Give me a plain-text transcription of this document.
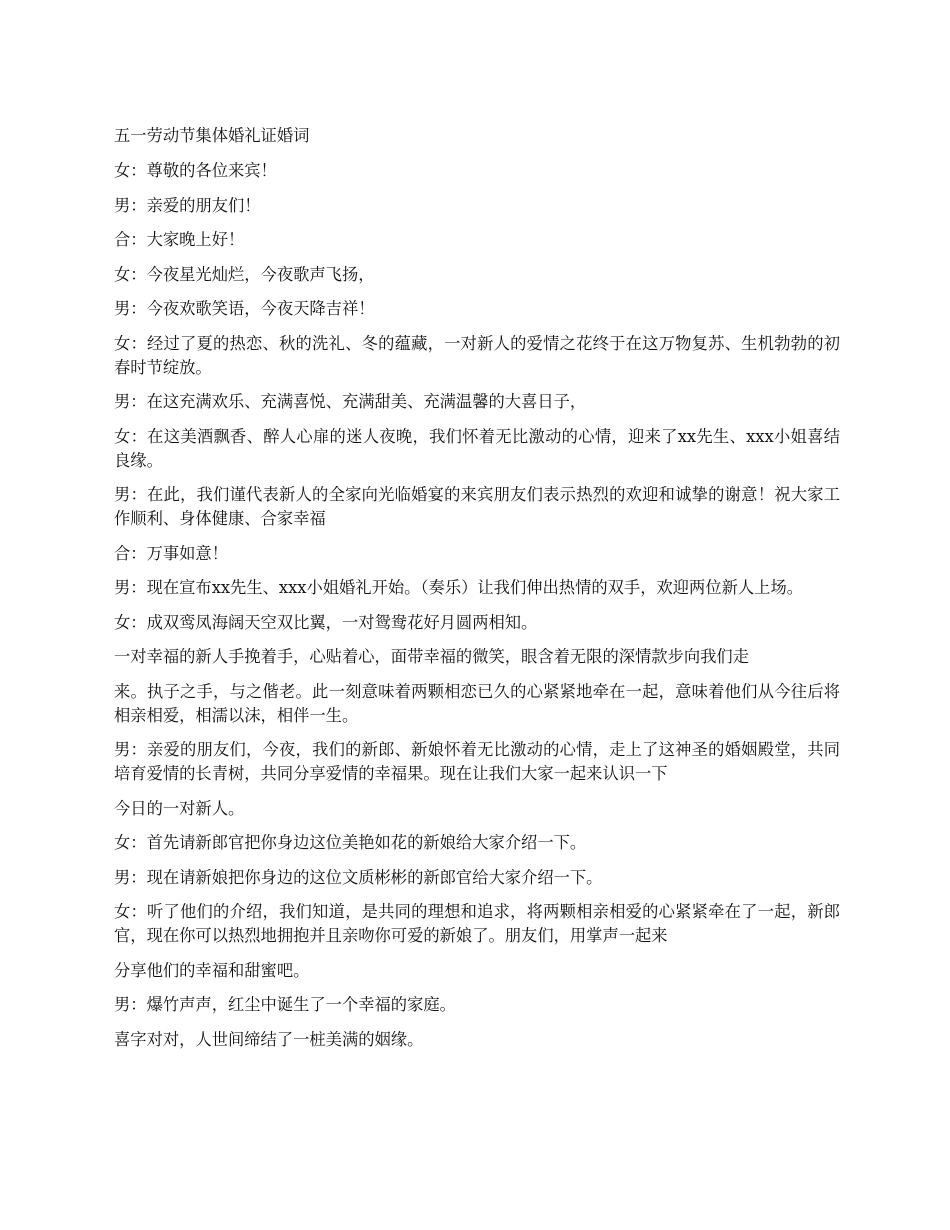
五一劳动节集体婚礼证婚词

女：尊敬的各位来宾！

男：亲爱的朋友们！

合：大家晚上好！

女：今夜星光灿烂，今夜歌声飞扬，

男：今夜欢歌笑语，今夜天降吉祥！

女：经过了夏的热恋、秋的洗礼、冬的蕴藏，一对新人的爱情之花终于在这万物复苏、生机勃勃的初春时节绽放。

男：在这充满欢乐、充满喜悦、充满甜美、充满温馨的大喜日子，

女：在这美酒飘香、醉人心扉的迷人夜晚，我们怀着无比激动的心情，迎来了xx先生、xxx小姐喜结良缘。

男：在此，我们谨代表新人的全家向光临婚宴的来宾朋友们表示热烈的欢迎和诚挚的谢意！祝大家工作顺利、身体健康、合家幸福

合：万事如意！

男：现在宣布xx先生、xxx小姐婚礼开始。（奏乐）让我们伸出热情的双手，欢迎两位新人上场。

女：成双鸾凤海阔天空双比翼，一对鸳鸯花好月圆两相知。

一对幸福的新人手挽着手，心贴着心，面带幸福的微笑，眼含着无限的深情款步向我们走

来。执子之手，与之偕老。此一刻意味着两颗相恋已久的心紧紧地牵在一起，意味着他们从今往后将相亲相爱，相濡以沫，相伴一生。

男：亲爱的朋友们，今夜，我们的新郎、新娘怀着无比激动的心情，走上了这神圣的婚姻殿堂，共同培育爱情的长青树，共同分享爱情的幸福果。现在让我们大家一起来认识一下

今日的一对新人。

女：首先请新郎官把你身边这位美艳如花的新娘给大家介绍一下。

男：现在请新娘把你身边的这位文质彬彬的新郎官给大家介绍一下。

女：听了他们的介绍，我们知道，是共同的理想和追求，将两颗相亲相爱的心紧紧牵在了一起，新郎官，现在你可以热烈地拥抱并且亲吻你可爱的新娘了。朋友们，用掌声一起来

分享他们的幸福和甜蜜吧。

男：爆竹声声，红尘中诞生了一个幸福的家庭。

喜字对对，人世间缔结了一桩美满的姻缘。
